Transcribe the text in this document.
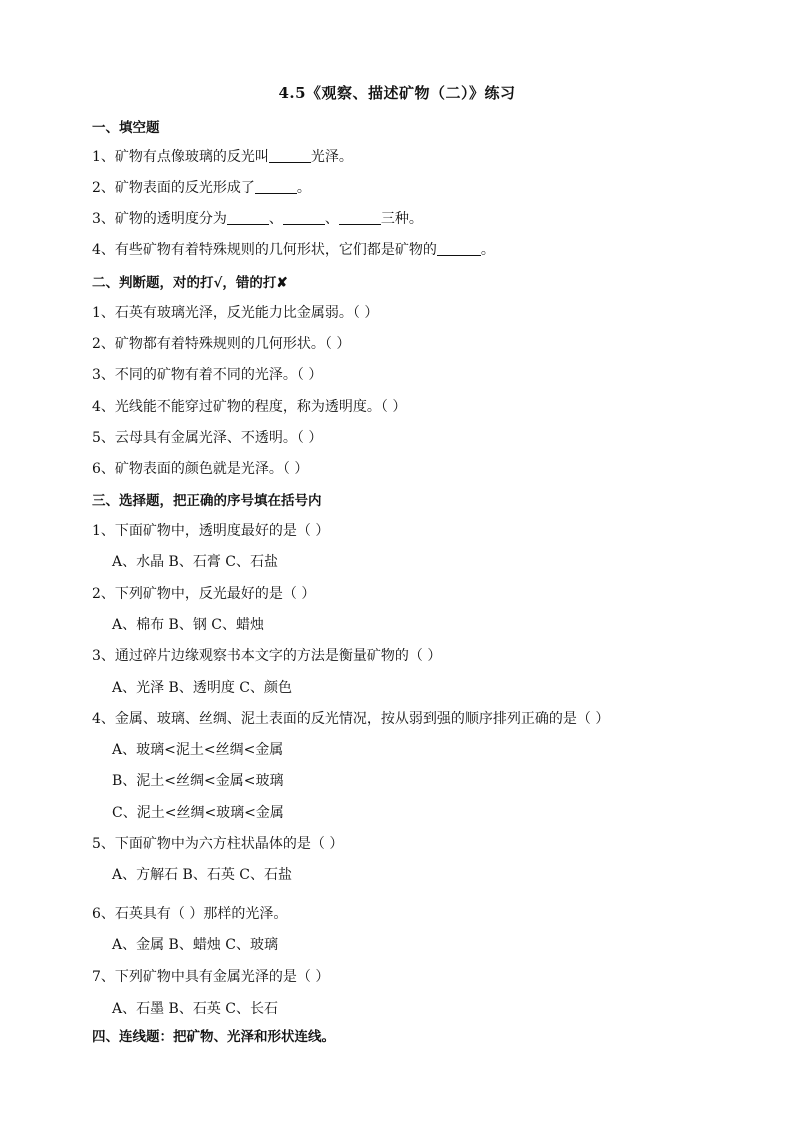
4.5《观察、描述矿物（二）》练习
一、填空题
1、矿物有点像玻璃的反光叫	光泽。
2、矿物表面的反光形成了	。
3、矿物的透明度分为	、	、	三种。
4、有些矿物有着特殊规则的几何形状，它们都是矿物的	。
二、判断题，对的打√，错的打✘
1、石英有玻璃光泽，反光能力比金属弱。（ ）
2、矿物都有着特殊规则的几何形状。（ ）
3、不同的矿物有着不同的光泽。（ ）
4、光线能不能穿过矿物的程度，称为透明度。（ ）
5、云母具有金属光泽、不透明。（ ）
6、矿物表面的颜色就是光泽。（ ）
三、选择题，把正确的序号填在括号内
1、下面矿物中，透明度最好的是（ ）
A、水晶 B、石膏 C、石盐
2、下列矿物中，反光最好的是（ ）
A、棉布 B、钢 C、蜡烛
3、通过碎片边缘观察书本文字的方法是衡量矿物的（ ）
A、光泽 B、透明度 C、颜色
4、金属、玻璃、丝绸、泥土表面的反光情况，按从弱到强的顺序排列正确的是（ ）
A、玻璃<泥土<丝绸<金属
B、泥土<丝绸<金属<玻璃
C、泥土<丝绸<玻璃<金属
5、下面矿物中为六方柱状晶体的是（ ）
A、方解石 B、石英 C、石盐
6、石英具有（ ）那样的光泽。
A、金属 B、蜡烛 C、玻璃
7、下列矿物中具有金属光泽的是（ ）
A、石墨 B、石英 C、长石
四、连线题：把矿物、光泽和形状连线。
